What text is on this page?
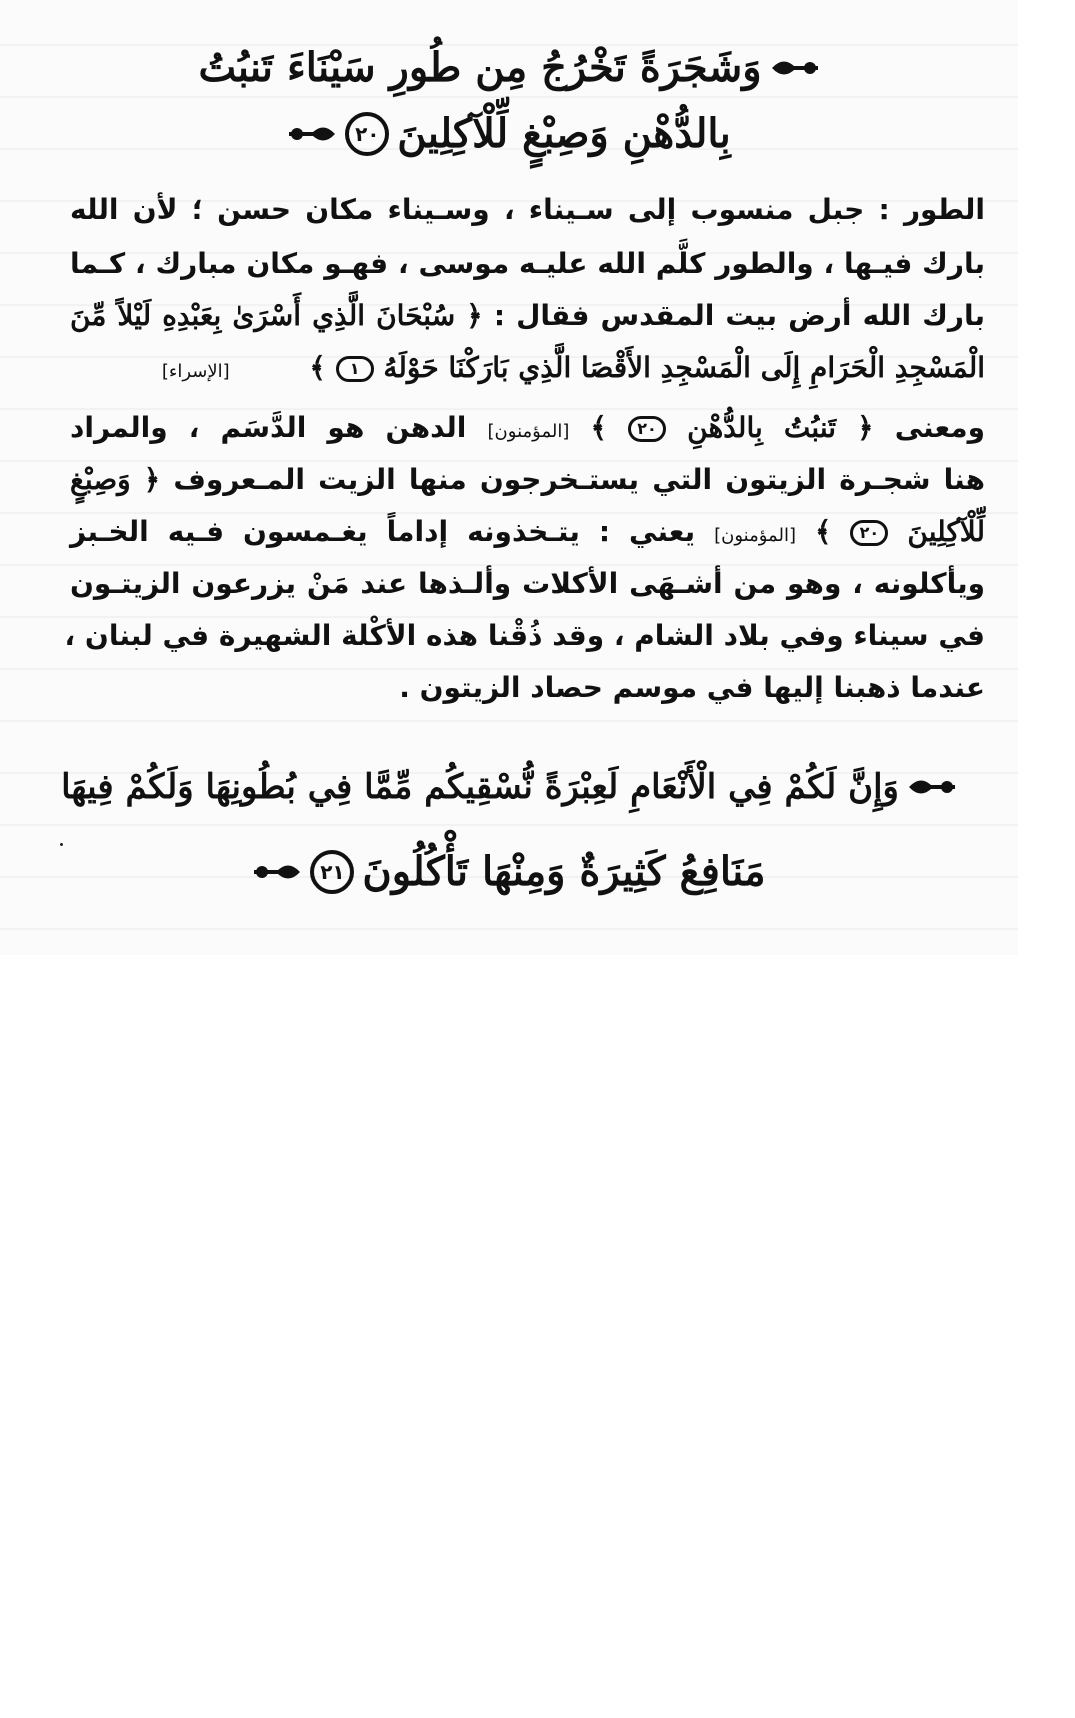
وَشَجَرَةً تَخْرُجُ مِن طُورِ سَيْنَاءَ تَنبُتُ
بِالدُّهْنِ وَصِبْغٍ لِّلْآكِلِينَ
٢٠
الطور : جبل منسوب إلى سـيناء ، وسـيناء مكان حسن ؛ لأن الله
بارك فيـها ، والطور كلَّم الله عليـه موسى ، فهـو مكان مبارك ، كـما
بارك الله أرض بيت المقدس فقال : ﴿ سُبْحَانَ الَّذِي أَسْرَىٰ بِعَبْدِهِ لَيْلاً مِّنَ
الْمَسْجِدِ الْحَرَامِ إِلَى الْمَسْجِدِ الأَقْصَا الَّذِي بَارَكْنَا حَوْلَهُ ١ ﴾ [الإسراء]
ومعنى ﴿ تَنبُتُ بِالدُّهْنِ ٢٠ ﴾ [المؤمنون] الدهن هو الدَّسَم ، والمراد
هنا شجـرة الزيتون التي يستـخرجون منها الزيت المـعروف ﴿ وَصِبْغٍ
لِّلْآكِلِينَ ٢٠ ﴾ [المؤمنون] يعني : يتـخذونه إداماً يغـمسون فـيه الخـبز
ويأكلونه ، وهو من أشـهَى الأكلات وألـذها عند مَنْ يزرعون الزيتـون
في سيناء وفي بلاد الشام ، وقد ذُقْنا هذه الأكْلة الشهيرة في لبنان ،
عندما ذهبنا إليها في موسم حصاد الزيتون .
وَإِنَّ لَكُمْ فِي الْأَنْعَامِ لَعِبْرَةً نُّسْقِيكُم مِّمَّا فِي بُطُونِهَا وَلَكُمْ فِيهَا
مَنَافِعُ كَثِيرَةٌ وَمِنْهَا تَأْكُلُونَ
٢١
